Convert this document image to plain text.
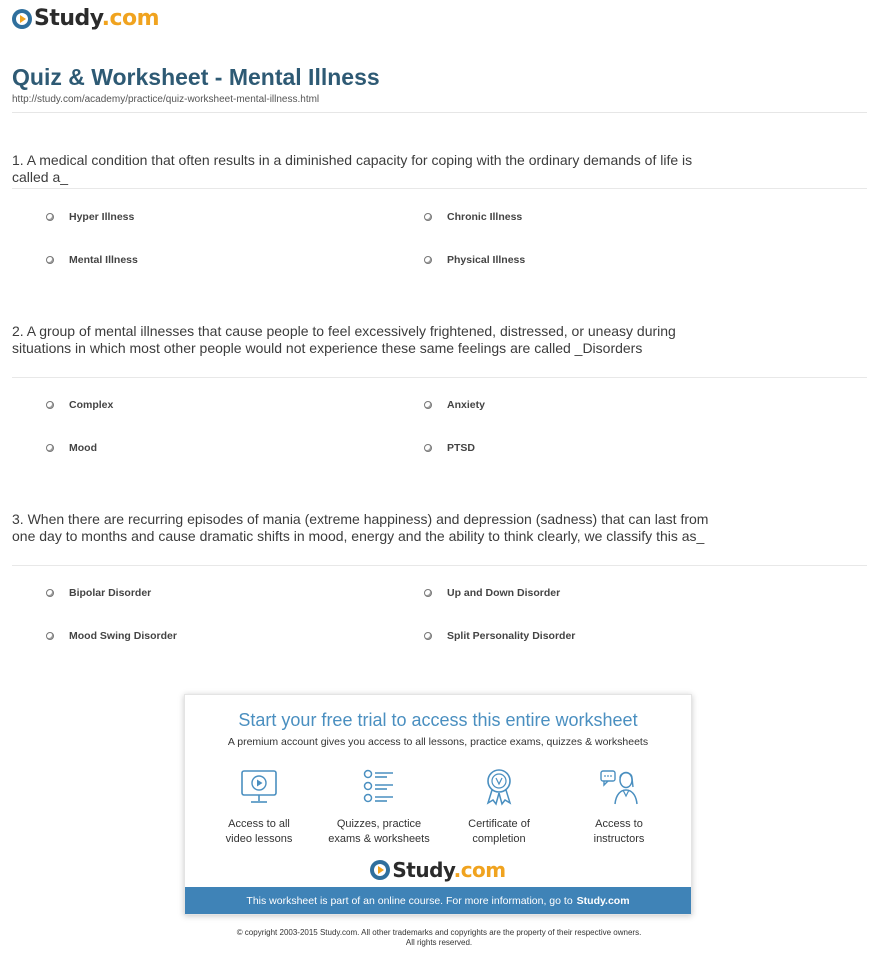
Study.com
Quiz & Worksheet - Mental Illness
http://study.com/academy/practice/quiz-worksheet-mental-illness.html
1. A medical condition that often results in a diminished capacity for coping with the ordinary demands of life is called a_
Hyper Illness	Chronic Illness
Mental Illness	Physical Illness
2. A group of mental illnesses that cause people to feel excessively frightened, distressed, or uneasy during situations in which most other people would not experience these same feelings are called _Disorders
Complex	Anxiety
Mood	PTSD
3. When there are recurring episodes of mania (extreme happiness) and depression (sadness) that can last from one day to months and cause dramatic shifts in mood, energy and the ability to think clearly, we classify this as_
Bipolar Disorder	Up and Down Disorder
Mood Swing Disorder	Split Personality Disorder
Start your free trial to access this entire worksheet
A premium account gives you access to all lessons, practice exams, quizzes & worksheets
Access to all
video lessons
Quizzes, practice
exams & worksheets
Certificate of
completion
Access to
instructors
Study.com
This worksheet is part of an online course. For more information, go to Study.com
© copyright 2003-2015 Study.com. All other trademarks and copyrights are the property of their respective owners.
All rights reserved.
